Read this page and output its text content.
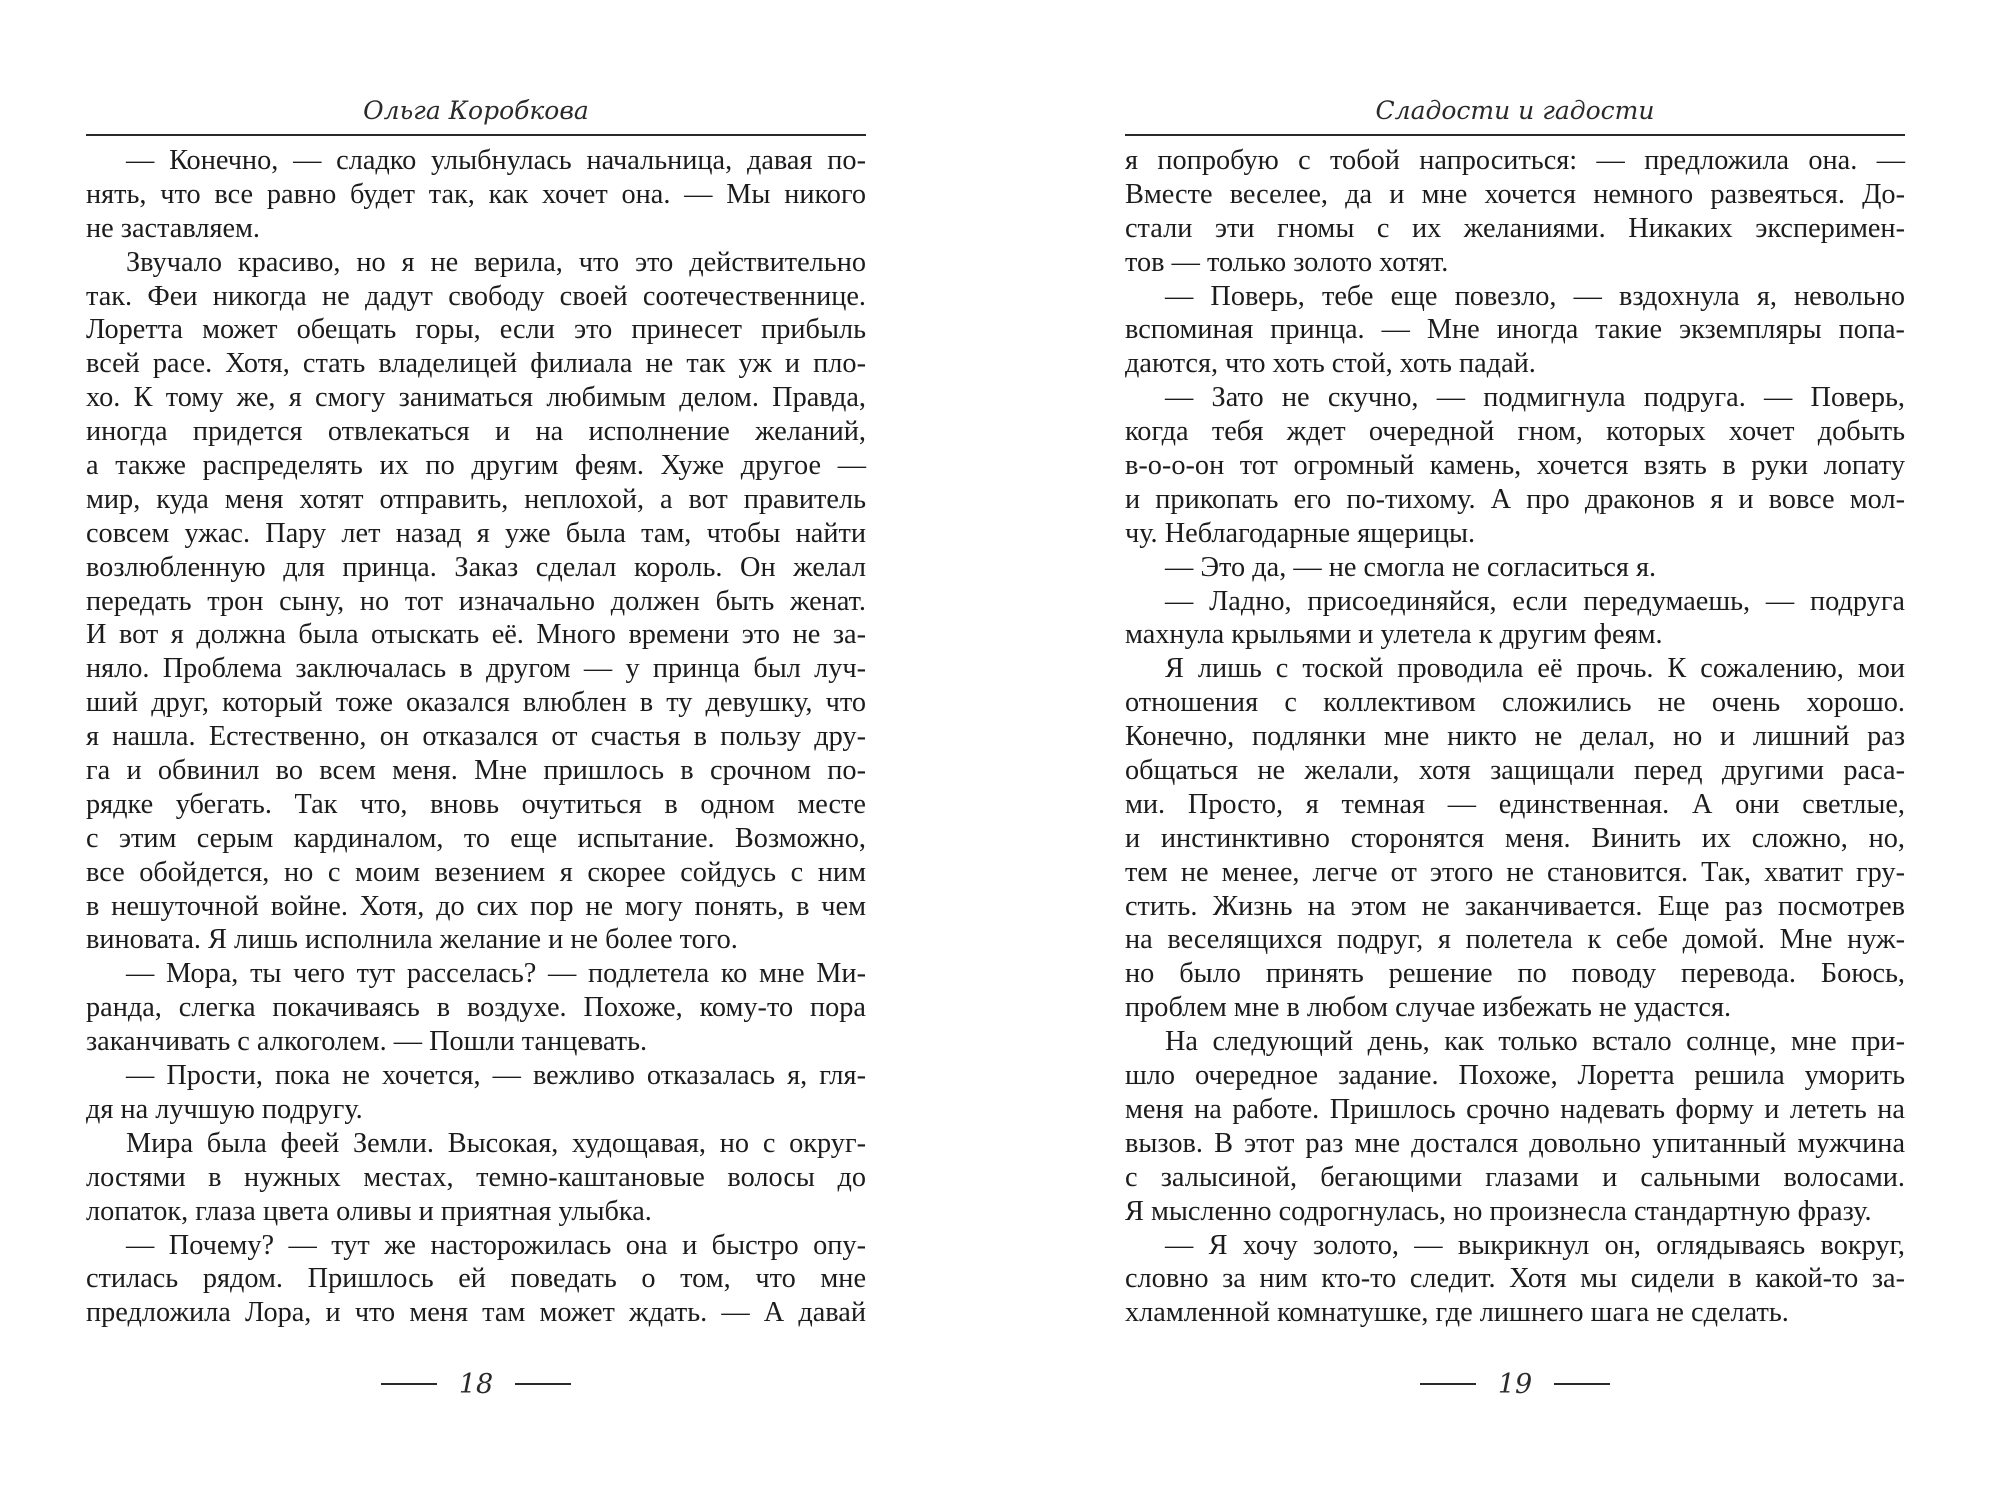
Ольга Коробкова
— Конечно, — сладко улыбнулась начальница, давая по-
нять, что все равно будет так, как хочет она. — Мы никого
не заставляем.
Звучало красиво, но я не верила, что это действительно
так. Феи никогда не дадут свободу своей соотечественнице.
Лоретта может обещать горы, если это принесет прибыль
всей расе. Хотя, стать владелицей филиала не так уж и пло-
хо. К тому же, я смогу заниматься любимым делом. Правда,
иногда придется отвлекаться и на исполнение желаний,
а также распределять их по другим феям. Хуже другое —
мир, куда меня хотят отправить, неплохой, а вот правитель
совсем ужас. Пару лет назад я уже была там, чтобы найти
возлюбленную для принца. Заказ сделал король. Он желал
передать трон сыну, но тот изначально должен быть женат.
И вот я должна была отыскать её. Много времени это не за-
няло. Проблема заключалась в другом — у принца был луч-
ший друг, который тоже оказался влюблен в ту девушку, что
я нашла. Естественно, он отказался от счастья в пользу дру-
га и обвинил во всем меня. Мне пришлось в срочном по-
рядке убегать. Так что, вновь очутиться в одном месте
с этим серым кардиналом, то еще испытание. Возможно,
все обойдется, но с моим везением я скорее сойдусь с ним
в нешуточной войне. Хотя, до сих пор не могу понять, в чем
виновата. Я лишь исполнила желание и не более того.
— Мора, ты чего тут расселась? — подлетела ко мне Ми-
ранда, слегка покачиваясь в воздухе. Похоже, кому-то пора
заканчивать с алкоголем. — Пошли танцевать.
— Прости, пока не хочется, — вежливо отказалась я, гля-
дя на лучшую подругу.
Мира была феей Земли. Высокая, худощавая, но с округ-
лостями в нужных местах, темно-каштановые волосы до
лопаток, глаза цвета оливы и приятная улыбка.
— Почему? — тут же насторожилась она и быстро опу-
стилась рядом. Пришлось ей поведать о том, что мне
предложила Лора, и что меня там может ждать. — А давай
18
Сладости и гадости
я попробую с тобой напроситься: — предложила она. —
Вместе веселее, да и мне хочется немного развеяться. До-
стали эти гномы с их желаниями. Никаких эксперимен-
тов — только золото хотят.
— Поверь, тебе еще повезло, — вздохнула я, невольно
вспоминая принца. — Мне иногда такие экземпляры попа-
даются, что хоть стой, хоть падай.
— Зато не скучно, — подмигнула подруга. — Поверь,
когда тебя ждет очередной гном, которых хочет добыть
в-о-о-он тот огромный камень, хочется взять в руки лопату
и прикопать его по-тихому. А про драконов я и вовсе мол-
чу. Неблагодарные ящерицы.
— Это да, — не смогла не согласиться я.
— Ладно, присоединяйся, если передумаешь, — подруга
махнула крыльями и улетела к другим феям.
Я лишь с тоской проводила её прочь. К сожалению, мои
отношения с коллективом сложились не очень хорошо.
Конечно, подлянки мне никто не делал, но и лишний раз
общаться не желали, хотя защищали перед другими раса-
ми. Просто, я темная — единственная. А они светлые,
и инстинктивно сторонятся меня. Винить их сложно, но,
тем не менее, легче от этого не становится. Так, хватит гру-
стить. Жизнь на этом не заканчивается. Еще раз посмотрев
на веселящихся подруг, я полетела к себе домой. Мне нуж-
но было принять решение по поводу перевода. Боюсь,
проблем мне в любом случае избежать не удастся.
На следующий день, как только встало солнце, мне при-
шло очередное задание. Похоже, Лоретта решила уморить
меня на работе. Пришлось срочно надевать форму и лететь на
вызов. В этот раз мне достался довольно упитанный мужчина
с залысиной, бегающими глазами и сальными волосами.
Я мысленно содрогнулась, но произнесла стандартную фразу.
— Я хочу золото, — выкрикнул он, оглядываясь вокруг,
словно за ним кто-то следит. Хотя мы сидели в какой-то за-
хламленной комнатушке, где лишнего шага не сделать.
19
